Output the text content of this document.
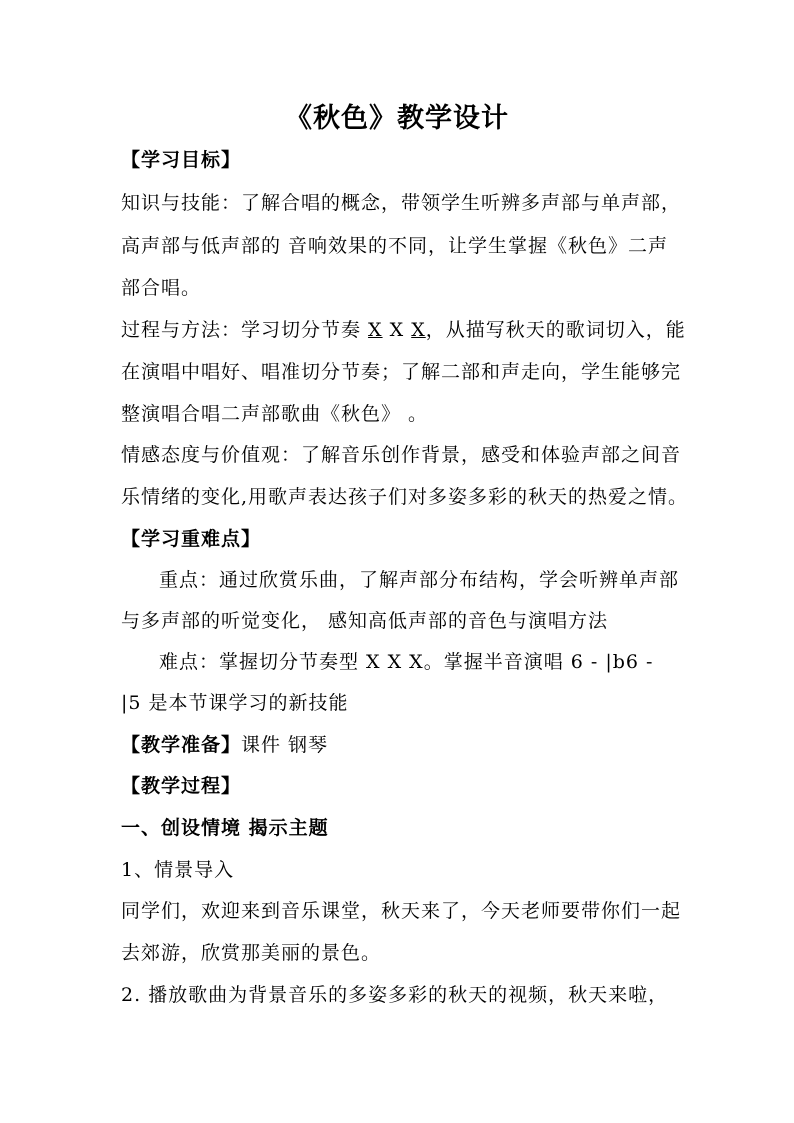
《秋色》教学设计
【学习目标】
知识与技能：了解合唱的概念，带领学生听辨多声部与单声部，
高声部与低声部的 音响效果的不同，让学生掌握《秋色》二声
部合唱。
过程与方法：学习切分节奏 X X X，从描写秋天的歌词切入，能
在演唱中唱好、唱准切分节奏；了解二部和声走向，学生能够完
整演唱合唱二声部歌曲《秋色》 。
情感态度与价值观：了解音乐创作背景，感受和体验声部之间音
乐情绪的变化,用歌声表达孩子们对多姿多彩的秋天的热爱之情。
【学习重难点】
重点：通过欣赏乐曲，了解声部分布结构，学会听辨单声部
与多声部的听觉变化， 感知高低声部的音色与演唱方法
难点：掌握切分节奏型 X X X。掌握半音演唱 6 - |b6 -
|5 是本节课学习的新技能
【教学准备】课件 钢琴
【教学过程】
一、创设情境 揭示主题
1、情景导入
同学们，欢迎来到音乐课堂，秋天来了，今天老师要带你们一起
去郊游，欣赏那美丽的景色。
2. 播放歌曲为背景音乐的多姿多彩的秋天的视频，秋天来啦，
